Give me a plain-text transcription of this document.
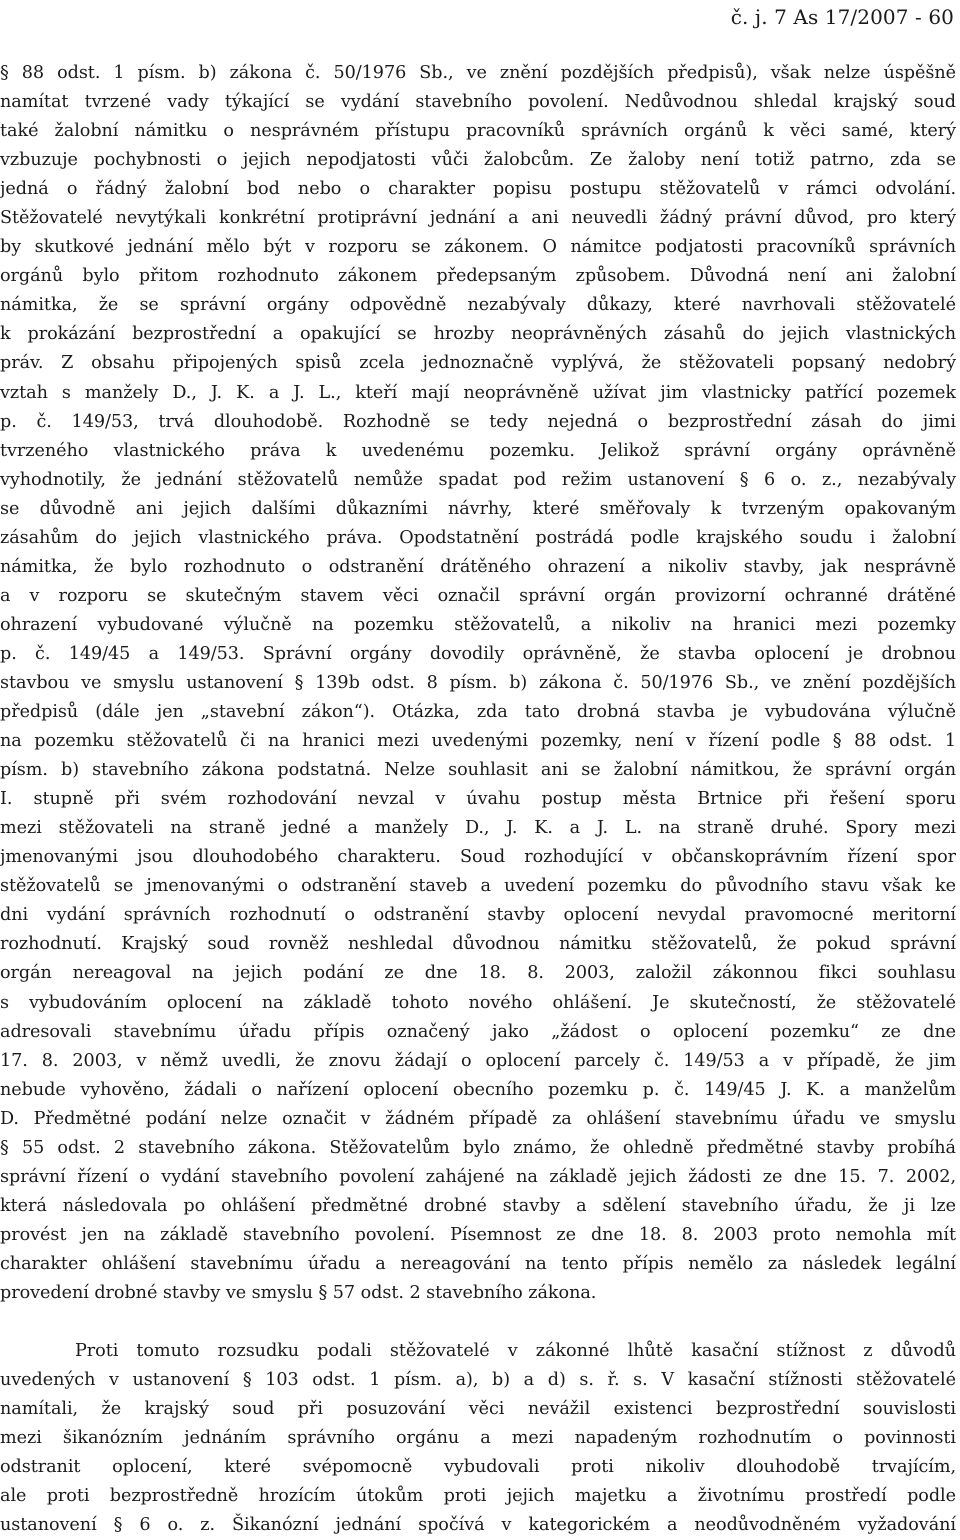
č. j. 7 As 17/2007 - 60
§ 88 odst. 1 písm. b) zákona č. 50/1976 Sb., ve znění pozdějších předpisů), však nelze úspěšně
namítat tvrzené vady týkající se vydání stavebního povolení. Nedůvodnou shledal krajský soud
také žalobní námitku o nesprávném přístupu pracovníků správních orgánů k věci samé, který
vzbuzuje pochybnosti o jejich nepodjatosti vůči žalobcům. Ze žaloby není totiž patrno, zda se
jedná o řádný žalobní bod nebo o charakter popisu postupu stěžovatelů v rámci odvolání.
Stěžovatelé nevytýkali konkrétní protiprávní jednání a ani neuvedli žádný právní důvod, pro který
by skutkové jednání mělo být v rozporu se zákonem. O námitce podjatosti pracovníků správních
orgánů bylo přitom rozhodnuto zákonem předepsaným způsobem. Důvodná není ani žalobní
námitka, že se správní orgány odpovědně nezabývaly důkazy, které navrhovali stěžovatelé
k prokázání bezprostřední a opakující se hrozby neoprávněných zásahů do jejich vlastnických
práv. Z obsahu připojených spisů zcela jednoznačně vyplývá, že stěžovateli popsaný nedobrý
vztah s manžely D., J. K. a J. L., kteří mají neoprávněně užívat jim vlastnicky patřící pozemek
p. č. 149/53, trvá dlouhodobě. Rozhodně se tedy nejedná o bezprostřední zásah do jimi
tvrzeného vlastnického práva k uvedenému pozemku. Jelikož správní orgány oprávněně
vyhodnotily, že jednání stěžovatelů nemůže spadat pod režim ustanovení § 6 o. z., nezabývaly
se důvodně ani jejich dalšími důkazními návrhy, které směřovaly k tvrzeným opakovaným
zásahům do jejich vlastnického práva. Opodstatnění postrádá podle krajského soudu i žalobní
námitka, že bylo rozhodnuto o odstranění drátěného ohrazení a nikoliv stavby, jak nesprávně
a v rozporu se skutečným stavem věci označil správní orgán provizorní ochranné drátěné
ohrazení vybudované výlučně na pozemku stěžovatelů, a nikoliv na hranici mezi pozemky
p. č. 149/45 a 149/53. Správní orgány dovodily oprávněně, že stavba oplocení je drobnou
stavbou ve smyslu ustanovení § 139b odst. 8 písm. b) zákona č. 50/1976 Sb., ve znění pozdějších
předpisů (dále jen „stavební zákon“). Otázka, zda tato drobná stavba je vybudována výlučně
na pozemku stěžovatelů či na hranici mezi uvedenými pozemky, není v řízení podle § 88 odst. 1
písm. b) stavebního zákona podstatná. Nelze souhlasit ani se žalobní námitkou, že správní orgán
I. stupně při svém rozhodování nevzal v úvahu postup města Brtnice při řešení sporu
mezi stěžovateli na straně jedné a manžely D., J. K. a J. L. na straně druhé. Spory mezi
jmenovanými jsou dlouhodobého charakteru. Soud rozhodující v občanskoprávním řízení spor
stěžovatelů se jmenovanými o odstranění staveb a uvedení pozemku do původního stavu však ke
dni vydání správních rozhodnutí o odstranění stavby oplocení nevydal pravomocné meritorní
rozhodnutí. Krajský soud rovněž neshledal důvodnou námitku stěžovatelů, že pokud správní
orgán nereagoval na jejich podání ze dne 18. 8. 2003, založil zákonnou fikci souhlasu
s vybudováním oplocení na základě tohoto nového ohlášení. Je skutečností, že stěžovatelé
adresovali stavebnímu úřadu přípis označený jako „žádost o oplocení pozemku“ ze dne
17. 8. 2003, v němž uvedli, že znovu žádají o oplocení parcely č. 149/53 a v případě, že jim
nebude vyhověno, žádali o nařízení oplocení obecního pozemku p. č. 149/45 J. K. a manželům
D. Předmětné podání nelze označit v žádném případě za ohlášení stavebnímu úřadu ve smyslu
§ 55 odst. 2 stavebního zákona. Stěžovatelům bylo známo, že ohledně předmětné stavby probíhá
správní řízení o vydání stavebního povolení zahájené na základě jejich žádosti ze dne 15. 7. 2002,
která následovala po ohlášení předmětné drobné stavby a sdělení stavebního úřadu, že ji lze
provést jen na základě stavebního povolení. Písemnost ze dne 18. 8. 2003 proto nemohla mít
charakter ohlášení stavebnímu úřadu a nereagování na tento přípis nemělo za následek legální
provedení drobné stavby ve smyslu § 57 odst. 2 stavebního zákona.
Proti tomuto rozsudku podali stěžovatelé v zákonné lhůtě kasační stížnost z důvodů
uvedených v ustanovení § 103 odst. 1 písm. a), b) a d) s. ř. s. V kasační stížnosti stěžovatelé
namítali, že krajský soud při posuzování věci nevážil existenci bezprostřední souvislosti
mezi šikanózním jednáním správního orgánu a mezi napadeným rozhodnutím o povinnosti
odstranit oplocení, které svépomocně vybudovali proti nikoliv dlouhodobě trvajícím,
ale proti bezprostředně hrozícím útokům proti jejich majetku a životnímu prostředí podle
ustanovení § 6 o. z. Šikanózní jednání spočívá v kategorickém a neodůvodněném vyžadování
